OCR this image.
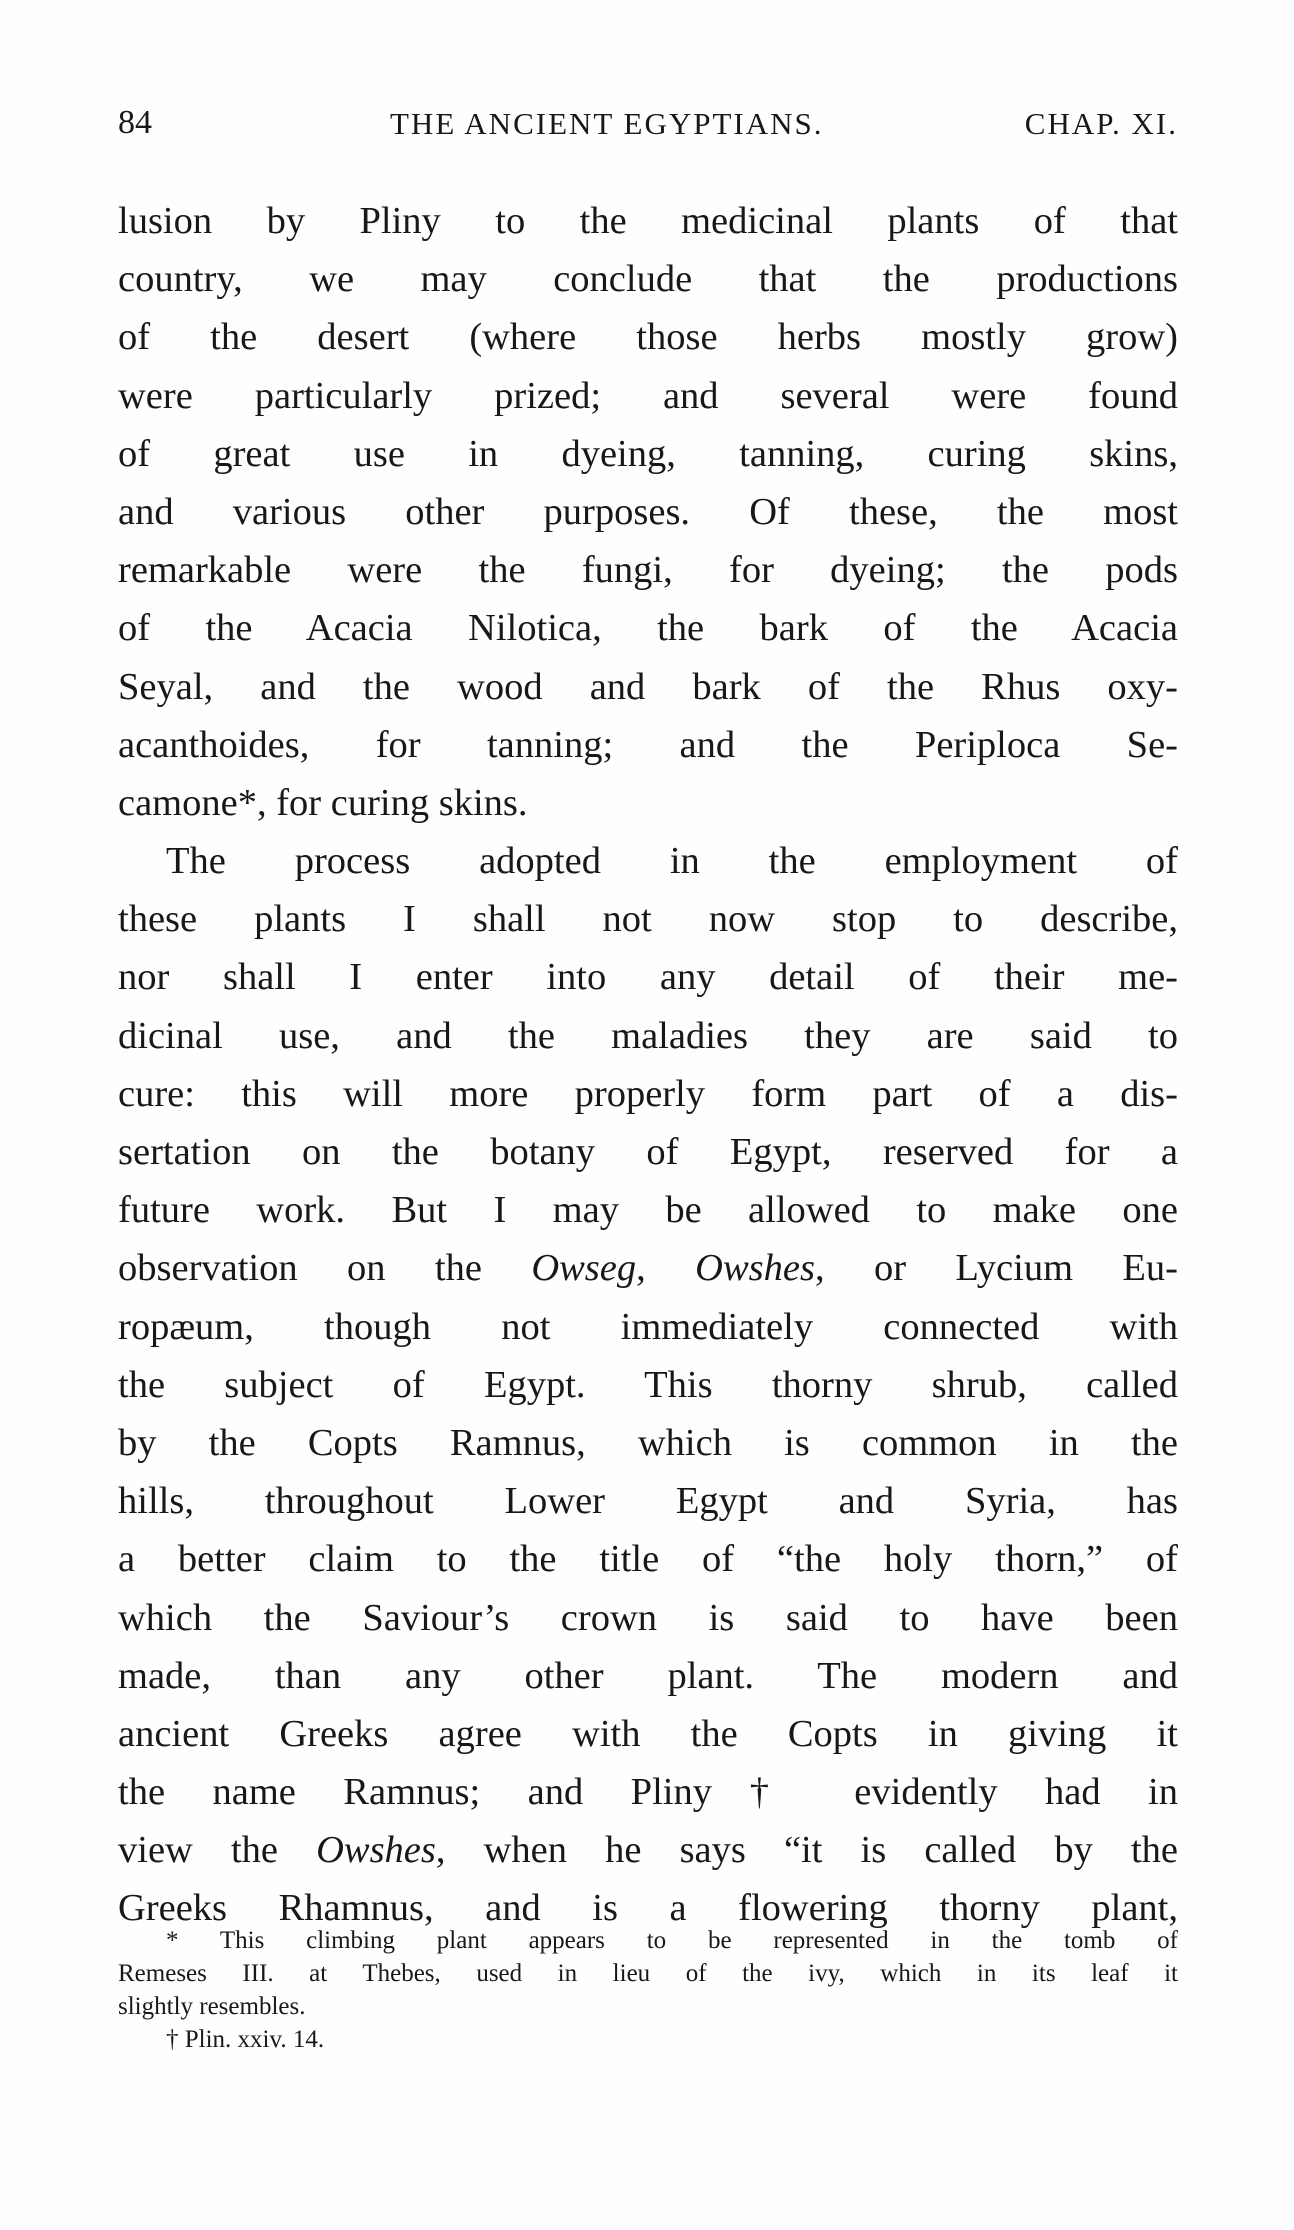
84	THE ANCIENT EGYPTIANS.	CHAP. XI.
lusion by Pliny to the medicinal plants of that
country, we may conclude that the productions
of the desert (where those herbs mostly grow)
were particularly prized; and several were found
of great use in dyeing, tanning, curing skins,
and various other purposes. Of these, the most
remarkable were the fungi, for dyeing; the pods
of the Acacia Nilotica, the bark of the Acacia
Seyal, and the wood and bark of the Rhus oxy-
acanthoides, for tanning; and the Periploca Se-
camone*, for curing skins.
The process adopted in the employment of
these plants I shall not now stop to describe,
nor shall I enter into any detail of their me-
dicinal use, and the maladies they are said to
cure: this will more properly form part of a dis-
sertation on the botany of Egypt, reserved for a
future work. But I may be allowed to make one
observation on the Owseg, Owshes, or Lycium Eu-
ropæum, though not immediately connected with
the subject of Egypt. This thorny shrub, called
by the Copts Ramnus, which is common in the
hills, throughout Lower Egypt and Syria, has
a better claim to the title of “the holy thorn,” of
which the Saviour’s crown is said to have been
made, than any other plant. The modern and
ancient Greeks agree with the Copts in giving it
the name Ramnus; and Pliny† evidently had in
view the Owshes, when he says “it is called by the
Greeks Rhamnus, and is a flowering thorny plant,
* This climbing plant appears to be represented in the tomb of
Remeses III. at Thebes, used in lieu of the ivy, which in its leaf it
slightly resembles.
† Plin. xxiv. 14.
